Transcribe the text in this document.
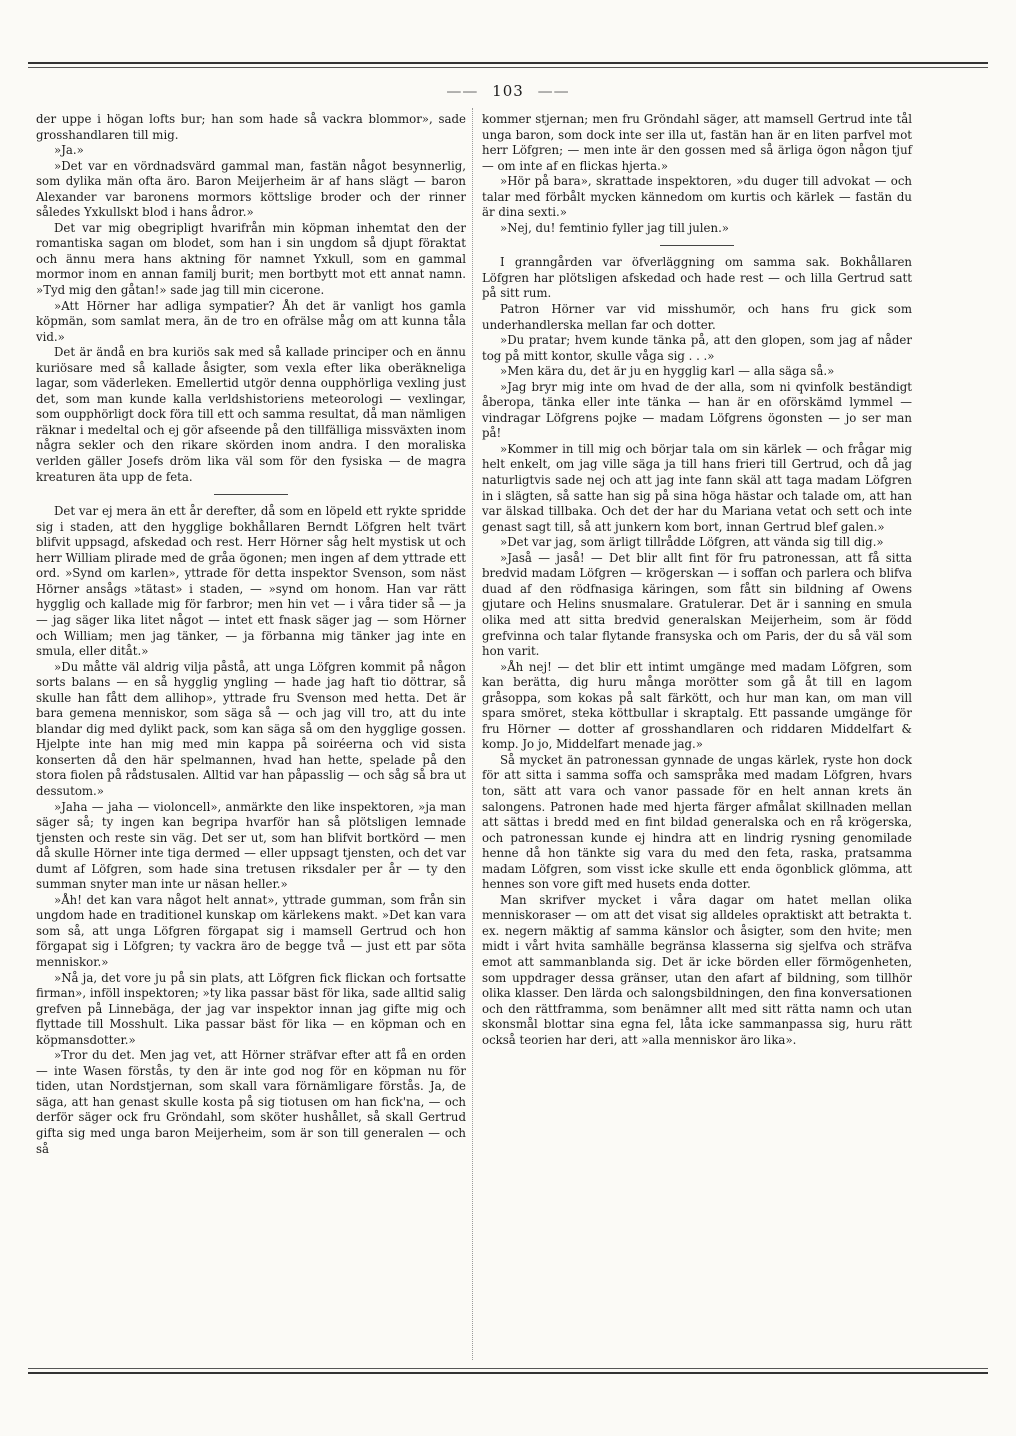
—— 103 ——

der uppe i högan lofts bur; han som hade så vackra blommor», sade grosshandlaren till mig.

»Ja.»

»Det var en vördnadsvärd gammal man, fastän något besynnerlig, som dylika män ofta äro. Baron Meijerheim är af hans slägt — baron Alexander var baronens mormors köttslige broder och der rinner således Yxkullskt blod i hans ådror.»

Det var mig obegripligt hvarifrån min köpman inhemtat den der romantiska sagan om blodet, som han i sin ungdom så djupt föraktat och ännu mera hans aktning för namnet Yxkull, som en gammal mormor inom en annan familj burit; men bortbytt mot ett annat namn. »Tyd mig den gåtan!» sade jag till min cicerone.

»Att Hörner har adliga sympatier? Åh det är vanligt hos gamla köpmän, som samlat mera, än de tro en ofrälse måg om att kunna tåla vid.»

Det är ändå en bra kuriös sak med så kallade principer och en ännu kuriösare med så kallade åsigter, som vexla efter lika oberäkneliga lagar, som väderleken. Emellertid utgör denna oupphörliga vexling just det, som man kunde kalla verldshistoriens meteorologi — vexlingar, som oupphörligt dock föra till ett och samma resultat, då man nämligen räknar i medeltal och ej gör afseende på den tillfälliga missväxten inom några sekler och den rikare skörden inom andra. I den moraliska verlden gäller Josefs dröm lika väl som för den fysiska — de magra kreaturen äta upp de feta.

Det var ej mera än ett år derefter, då som en löpeld ett rykte spridde sig i staden, att den hygglige bokhållaren Berndt Löfgren helt tvärt blifvit uppsagd, afskedad och rest. Herr Hörner såg helt mystisk ut och herr William plirade med de gråa ögonen; men ingen af dem yttrade ett ord. »Synd om karlen», yttrade för detta inspektor Svenson, som näst Hörner ansågs »tätast» i staden, — »synd om honom. Han var rätt hygglig och kallade mig för farbror; men hin vet — i våra tider så — ja — jag säger lika litet något — intet ett fnask säger jag — som Hörner och William; men jag tänker, — ja förbanna mig tänker jag inte en smula, eller ditåt.»

»Du måtte väl aldrig vilja påstå, att unga Löfgren kommit på någon sorts balans — en så hygglig yngling — hade jag haft tio döttrar, så skulle han fått dem allihop», yttrade fru Svenson med hetta. Det är bara gemena menniskor, som säga så — och jag vill tro, att du inte blandar dig med dylikt pack, som kan säga så om den hygglige gossen. Hjelpte inte han mig med min kappa på soiréerna och vid sista konserten då den här spelmannen, hvad han hette, spelade på den stora fiolen på rådstusalen. Alltid var han påpasslig — och såg så bra ut dessutom.»

»Jaha — jaha — violoncell», anmärkte den like inspektoren, »ja man säger så; ty ingen kan begripa hvarför han så plötsligen lemnade tjensten och reste sin väg. Det ser ut, som han blifvit bortkörd — men då skulle Hörner inte tiga dermed — eller uppsagt tjensten, och det var dumt af Löfgren, som hade sina tretusen riksdaler per år — ty den summan snyter man inte ur näsan heller.»

»Åh! det kan vara något helt annat», yttrade gumman, som från sin ungdom hade en traditionel kunskap om kärlekens makt. »Det kan vara som så, att unga Löfgren förgapat sig i mamsell Gertrud och hon förgapat sig i Löfgren; ty vackra äro de begge två — just ett par söta menniskor.»

»Nå ja, det vore ju på sin plats, att Löfgren fick flickan och fortsatte firman», inföll inspektoren; »ty lika passar bäst för lika, sade alltid salig grefven på Linnebäga, der jag var inspektor innan jag gifte mig och flyttade till Mosshult. Lika passar bäst för lika — en köpman och en köpmansdotter.»

»Tror du det. Men jag vet, att Hörner sträfvar efter att få en orden — inte Wasen förstås, ty den är inte god nog för en köpman nu för tiden, utan Nordstjernan, som skall vara förnämligare förstås. Ja, de säga, att han genast skulle kosta på sig tiotusen om han fick'na, — och derför säger ock fru Gröndahl, som sköter hushållet, så skall Gertrud gifta sig med unga baron Meijerheim, som är son till generalen — och så

kommer stjernan; men fru Gröndahl säger, att mamsell Gertrud inte tål unga baron, som dock inte ser illa ut, fastän han är en liten parfvel mot herr Löfgren; — men inte är den gossen med så ärliga ögon någon tjuf — om inte af en flickas hjerta.»

»Hör på bara», skrattade inspektoren, »du duger till advokat — och talar med förbålt mycken kännedom om kurtis och kärlek — fastän du är dina sexti.»

»Nej, du! femtinio fyller jag till julen.»

I granngården var öfverläggning om samma sak. Bokhållaren Löfgren har plötsligen afskedad och hade rest — och lilla Gertrud satt på sitt rum.

Patron Hörner var vid misshumör, och hans fru gick som underhandlerska mellan far och dotter.

»Du pratar; hvem kunde tänka på, att den glopen, som jag af nåder tog på mitt kontor, skulle våga sig . . .»

»Men kära du, det är ju en hygglig karl — alla säga så.»

»Jag bryr mig inte om hvad de der alla, som ni qvinfolk beständigt åberopa, tänka eller inte tänka — han är en oförskämd lymmel — vindragar Löfgrens pojke — madam Löfgrens ögonsten — jo ser man på!

»Kommer in till mig och börjar tala om sin kärlek — och frågar mig helt enkelt, om jag ville säga ja till hans frieri till Gertrud, och då jag naturligtvis sade nej och att jag inte fann skäl att taga madam Löfgren in i slägten, så satte han sig på sina höga hästar och talade om, att han var älskad tillbaka. Och det der har du Mariana vetat och sett och inte genast sagt till, så att junkern kom bort, innan Gertrud blef galen.»

»Det var jag, som ärligt tillrådde Löfgren, att vända sig till dig.»

»Jaså — jaså! — Det blir allt fint för fru patronessan, att få sitta bredvid madam Löfgren — krögerskan — i soffan och parlera och blifva duad af den rödfnasiga käringen, som fått sin bildning af Owens gjutare och Helins snusmalare. Gratulerar. Det är i sanning en smula olika med att sitta bredvid generalskan Meijerheim, som är född grefvinna och talar flytande fransyska och om Paris, der du så väl som hon varit.

»Åh nej! — det blir ett intimt umgänge med madam Löfgren, som kan berätta, dig huru många morötter som gå åt till en lagom gråsoppa, som kokas på salt färkött, och hur man kan, om man vill spara smöret, steka köttbullar i skraptalg. Ett passande umgänge för fru Hörner — dotter af grosshandlaren och riddaren Middelfart & komp. Jo jo, Middelfart menade jag.»

Så mycket än patronessan gynnade de ungas kärlek, ryste hon dock för att sitta i samma soffa och samspråka med madam Löfgren, hvars ton, sätt att vara och vanor passade för en helt annan krets än salongens. Patronen hade med hjerta färger afmålat skillnaden mellan att sättas i bredd med en fint bildad generalska och en rå krögerska, och patronessan kunde ej hindra att en lindrig rysning genomilade henne då hon tänkte sig vara du med den feta, raska, pratsamma madam Löfgren, som visst icke skulle ett enda ögonblick glömma, att hennes son vore gift med husets enda dotter.

Man skrifver mycket i våra dagar om hatet mellan olika menniskoraser — om att det visat sig alldeles opraktiskt att betrakta t. ex. negern mäktig af samma känslor och åsigter, som den hvite; men midt i vårt hvita samhälle begränsa klasserna sig sjelfva och sträfva emot att sammanblanda sig. Det är icke börden eller förmögenheten, som uppdrager dessa gränser, utan den afart af bildning, som tillhör olika klasser. Den lärda och salongsbildningen, den fina konversationen och den rättframma, som benämner allt med sitt rätta namn och utan skonsmål blottar sina egna fel, låta icke sammanpassa sig, huru rätt också teorien har deri, att »alla menniskor äro lika».
